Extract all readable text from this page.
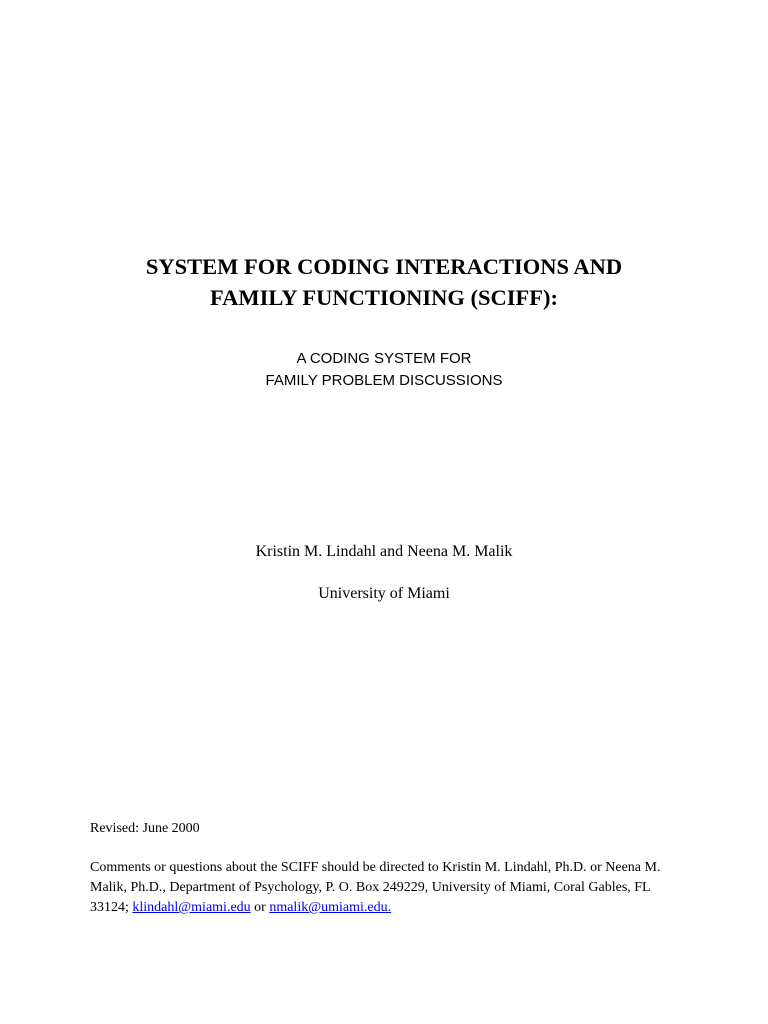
SYSTEM FOR CODING INTERACTIONS AND
FAMILY FUNCTIONING (SCIFF):

A CODING SYSTEM FOR
FAMILY PROBLEM DISCUSSIONS

Kristin M. Lindahl and Neena M. Malik

University of Miami

Revised: June 2000

Comments or questions about the SCIFF should be directed to Kristin M. Lindahl, Ph.D. or Neena M.
Malik, Ph.D., Department of Psychology, P. O. Box 249229, University of Miami, Coral Gables, FL
33124; klindahl@miami.edu or nmalik@umiami.edu.
